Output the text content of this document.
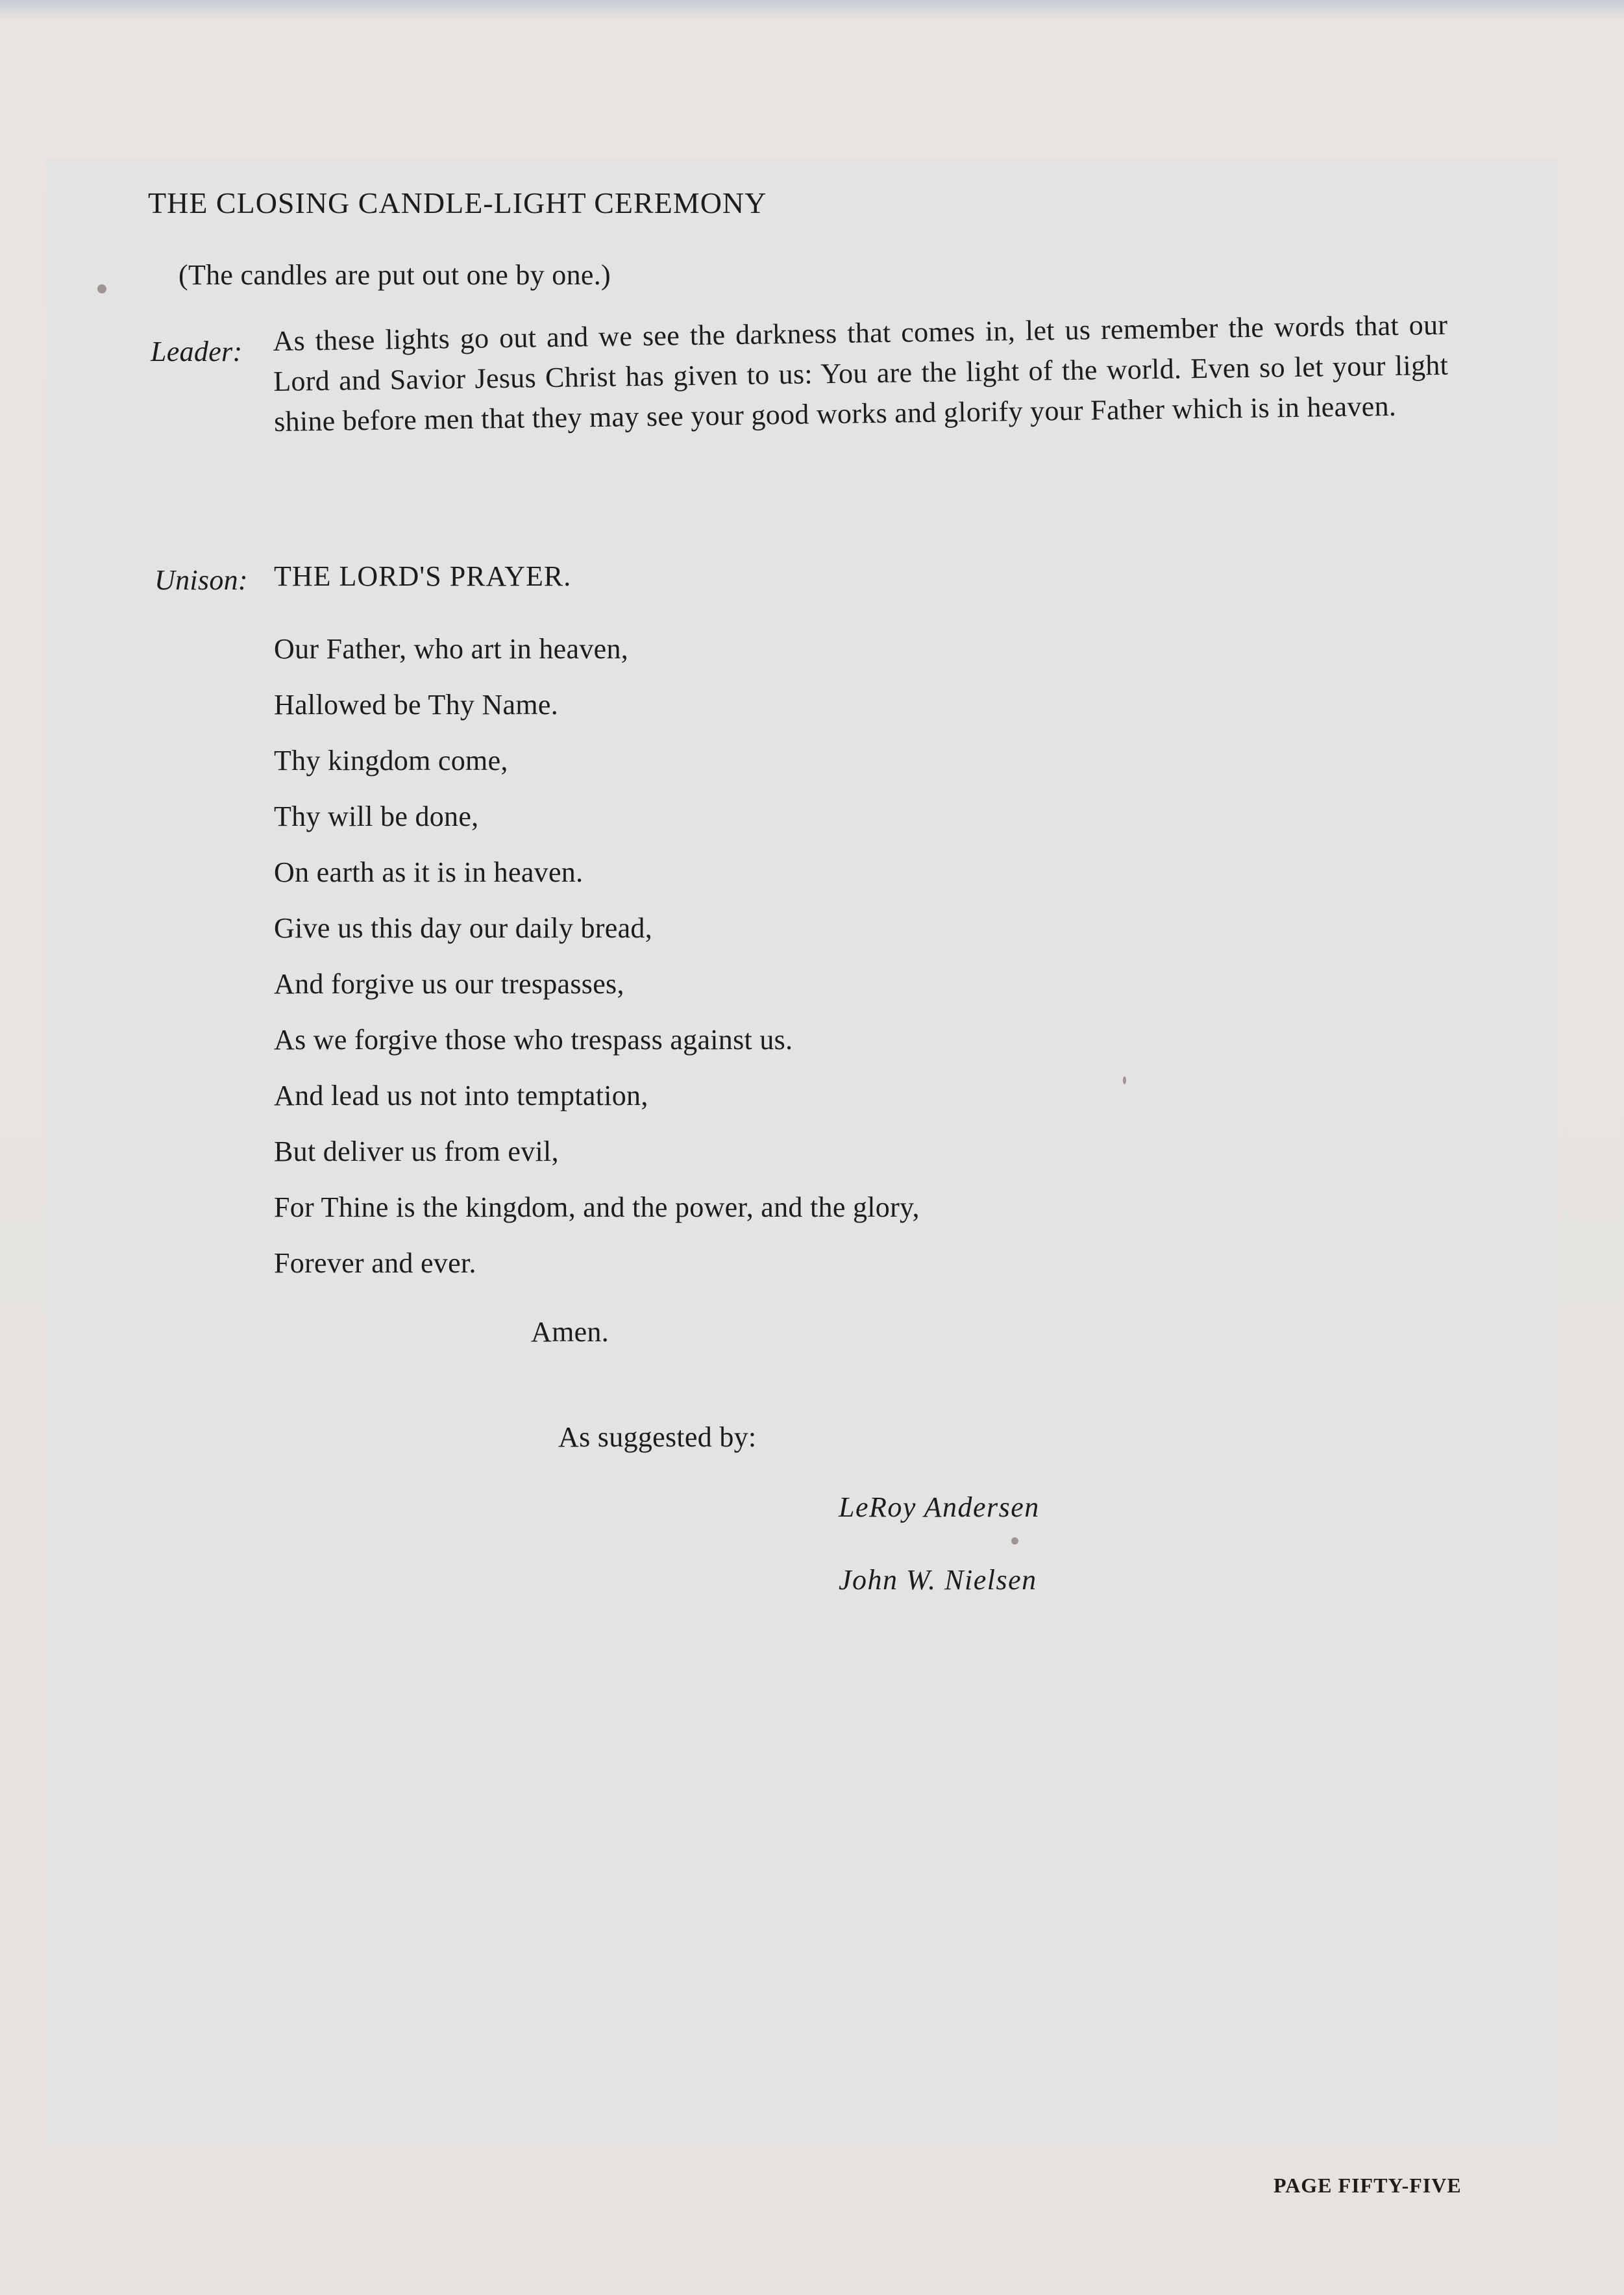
THE CLOSING CANDLE-LIGHT CEREMONY
(The candles are put out one by one.)
Leader: As these lights go out and we see the darkness that comes in, let us remember the words that our Lord and Savior Jesus Christ has given to us: You are the light of the world. Even so let your light shine before men that they may see your good works and glorify your Father which is in heaven.
Unison: THE LORD'S PRAYER.
Our Father, who art in heaven,
Hallowed be Thy Name.
Thy kingdom come,
Thy will be done,
On earth as it is in heaven.
Give us this day our daily bread,
And forgive us our trespasses,
As we forgive those who trespass against us.
And lead us not into temptation,
But deliver us from evil,
For Thine is the kingdom, and the power, and the glory,
Forever and ever.
Amen.
As suggested by:
LeRoy Andersen
John W. Nielsen
PAGE FIFTY-FIVE
